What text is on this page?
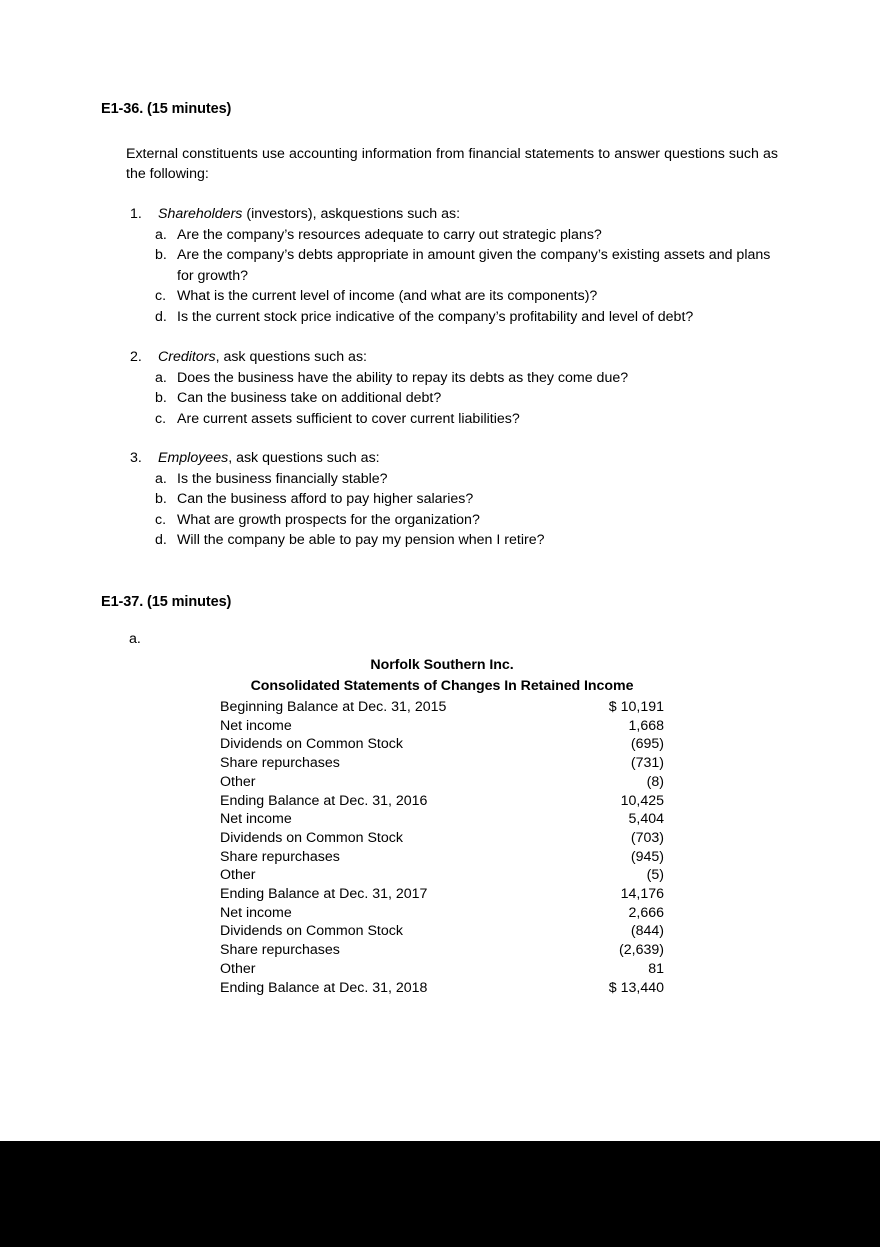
E1-36. (15 minutes)
External constituents use accounting information from financial statements to answer questions such as the following:
1. Shareholders (investors), askquestions such as:
a. Are the company’s resources adequate to carry out strategic plans?
b. Are the company’s debts appropriate in amount given the company’s existing assets and plans for growth?
c. What is the current level of income (and what are its components)?
d. Is the current stock price indicative of the company’s profitability and level of debt?
2. Creditors, ask questions such as:
a. Does the business have the ability to repay its debts as they come due?
b. Can the business take on additional debt?
c. Are current assets sufficient to cover current liabilities?
3. Employees, ask questions such as:
a. Is the business financially stable?
b. Can the business afford to pay higher salaries?
c. What are growth prospects for the organization?
d. Will the company be able to pay my pension when I retire?
E1-37. (15 minutes)
a.
Norfolk Southern Inc.
Consolidated Statements of Changes In Retained Income
Beginning Balance at Dec. 31, 2015	$ 10,191
Net income	1,668
Dividends on Common Stock	(695)
Share repurchases	(731)
Other	(8)
Ending Balance at Dec. 31, 2016	10,425
Net income	5,404
Dividends on Common Stock	(703)
Share repurchases	(945)
Other	(5)
Ending Balance at Dec. 31, 2017	14,176
Net income	2,666
Dividends on Common Stock	(844)
Share repurchases	(2,639)
Other	81
Ending Balance at Dec. 31, 2018	$ 13,440
